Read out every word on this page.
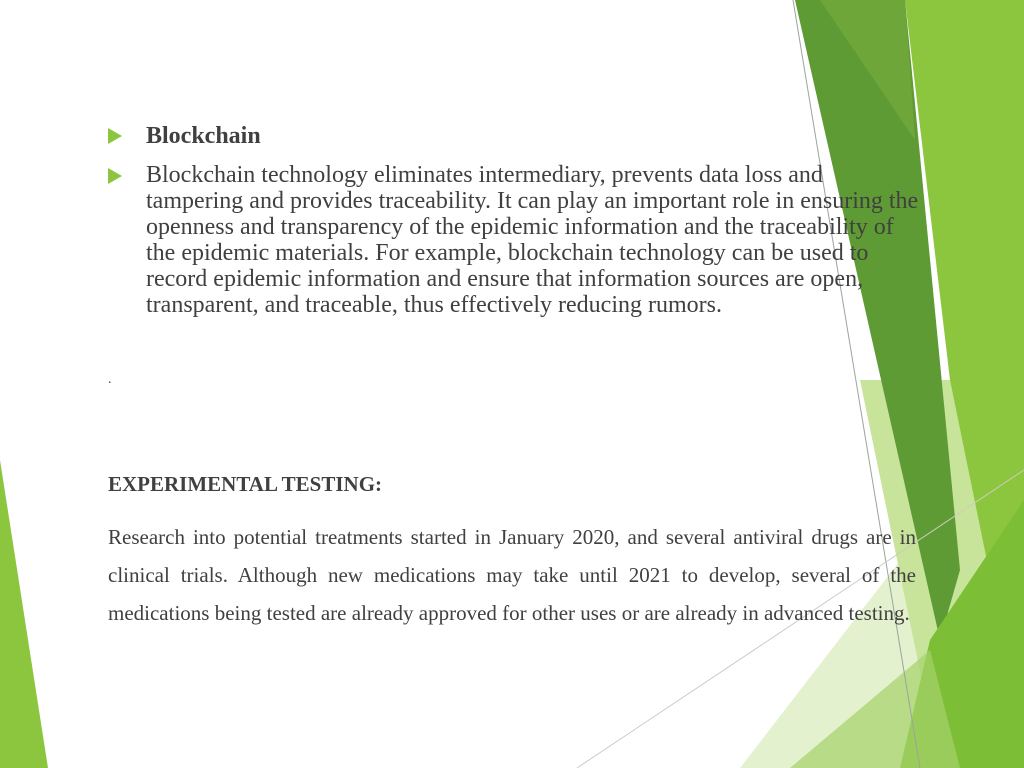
Blockchain
Blockchain technology eliminates intermediary, prevents data loss and tampering and provides traceability. It can play an important role in ensuring the openness and transparency of the epidemic information and the traceability of the epidemic materials. For example, blockchain technology can be used to record epidemic information and ensure that information sources are open, transparent, and traceable, thus effectively reducing rumors.
.
EXPERIMENTAL TESTING:
Research into potential treatments started in January 2020, and several antiviral drugs are in clinical trials. Although new medications may take until 2021 to develop, several of the medications being tested are already approved for other uses or are already in advanced testing.
